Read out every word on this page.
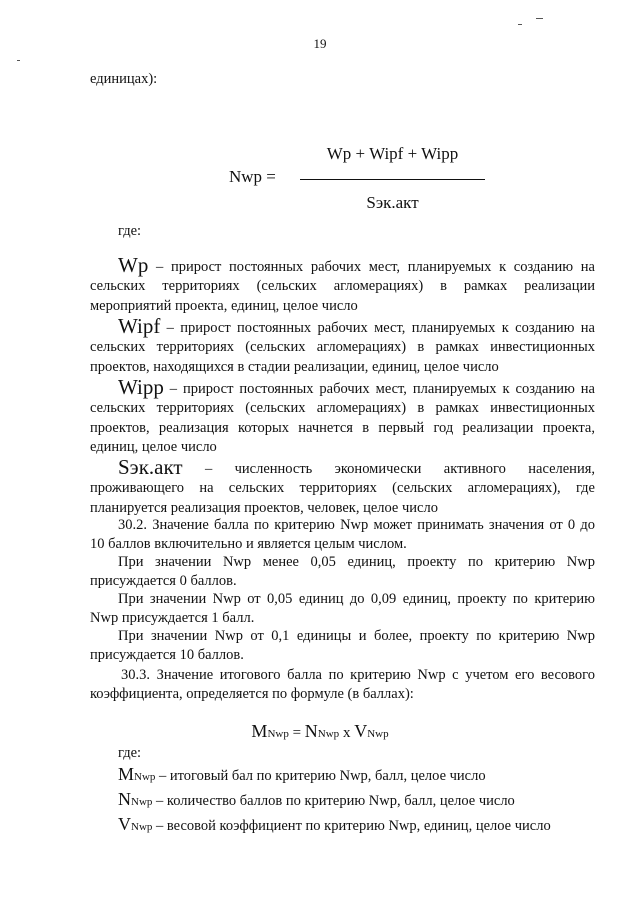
19
единицах):
Wp + Wipf + Wipp
Nwp =
Sэк.акт
где:
Wp – прирост постоянных рабочих мест, планируемых к созданию на сельских территориях (сельских агломерациях) в рамках реализации мероприятий проекта, единиц, целое число
Wipf – прирост постоянных рабочих мест, планируемых к созданию на сельских территориях (сельских агломерациях) в рамках инвестиционных проектов, находящихся в стадии реализации, единиц, целое число
Wipp – прирост постоянных рабочих мест, планируемых к созданию на сельских территориях (сельских агломерациях) в рамках инвестиционных проектов, реализация которых начнется в первый год реализации проекта, единиц, целое число
Sэк.акт – численность экономически активного населения, проживающего на сельских территориях (сельских агломерациях), где планируется реализация проектов, человек, целое число
30.2. Значение балла по критерию Nwp может принимать значения от 0 до 10 баллов включительно и является целым числом.
При значении Nwp менее 0,05 единиц, проекту по критерию Nwp присуждается 0 баллов.
При значении Nwp от 0,05 единиц до 0,09 единиц, проекту по критерию Nwp присуждается 1 балл.
При значении Nwp от 0,1 единицы и более, проекту по критерию Nwp присуждается 10 баллов.
30.3. Значение итогового балла по критерию Nwp с учетом его весового коэффициента, определяется по формуле (в баллах):
MNwp = NNwp x VNwp
где:
MNwp – итоговый бал по критерию Nwp, балл, целое число
NNwp – количество баллов по критерию Nwp, балл, целое число
VNwp – весовой коэффициент по критерию Nwp, единиц, целое число
